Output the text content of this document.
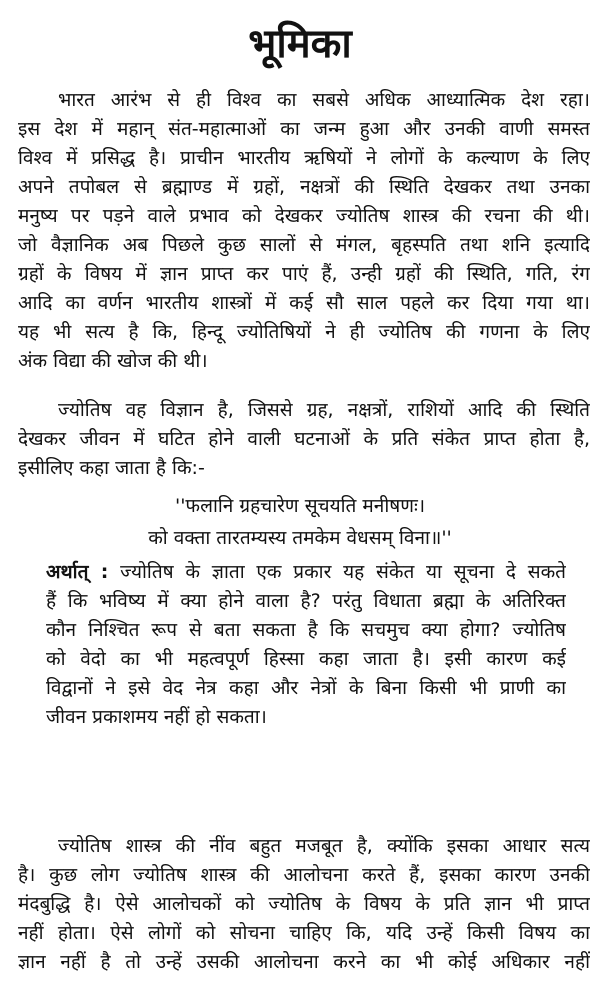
भूमिका
भारत आरंभ से ही विश्व का सबसे अधिक आध्यात्मिक देश रहा।
इस देश में महान् संत-महात्माओं का जन्म हुआ और उनकी वाणी समस्त
विश्व में प्रसिद्ध है। प्राचीन भारतीय ऋषियों ने लोगों के कल्याण के लिए
अपने तपोबल से ब्रह्माण्ड में ग्रहों, नक्षत्रों की स्थिति देखकर तथा उनका
मनुष्य पर पड़ने वाले प्रभाव को देखकर ज्योतिष शास्त्र की रचना की थी।
जो वैज्ञानिक अब पिछले कुछ सालों से मंगल, बृहस्पति तथा शनि इत्यादि
ग्रहों के विषय में ज्ञान प्राप्त कर पाएं हैं, उन्ही ग्रहों की स्थिति, गति, रंग
आदि का वर्णन भारतीय शास्त्रों में कई सौ साल पहले कर दिया गया था।
यह भी सत्य है कि, हिन्दू ज्योतिषियों ने ही ज्योतिष की गणना के लिए
अंक विद्या की खोज की थी।
ज्योतिष वह विज्ञान है, जिससे ग्रह, नक्षत्रों, राशियों आदि की स्थिति
देखकर जीवन में घटित होने वाली घटनाओं के प्रति संकेत प्राप्त होता है,
इसीलिए कहा जाता है कि:-
''फलानि ग्रहचारेण सूचयति मनीषणः।
को वक्ता तारतम्यस्य तमकेम वेधसम् विना॥''
अर्थात् : ज्योतिष के ज्ञाता एक प्रकार यह संकेत या सूचना दे सकते
हैं कि भविष्य में क्या होने वाला है? परंतु विधाता ब्रह्मा के अतिरिक्त
कौन निश्चित रूप से बता सकता है कि सचमुच क्या होगा? ज्योतिष
को वेदो का भी महत्वपूर्ण हिस्सा कहा जाता है। इसी कारण कई
विद्वानों ने इसे वेद नेत्र कहा और नेत्रों के बिना किसी भी प्राणी का
जीवन प्रकाशमय नहीं हो सकता।
ज्योतिष शास्त्र की नींव बहुत मजबूत है, क्योंकि इसका आधार सत्य
है। कुछ लोग ज्योतिष शास्त्र की आलोचना करते हैं, इसका कारण उनकी
मंदबुद्धि है। ऐसे आलोचकों को ज्योतिष के विषय के प्रति ज्ञान भी प्राप्त
नहीं होता। ऐसे लोगों को सोचना चाहिए कि, यदि उन्हें किसी विषय का
ज्ञान नहीं है तो उन्हें उसकी आलोचना करने का भी कोई अधिकार नहीं
